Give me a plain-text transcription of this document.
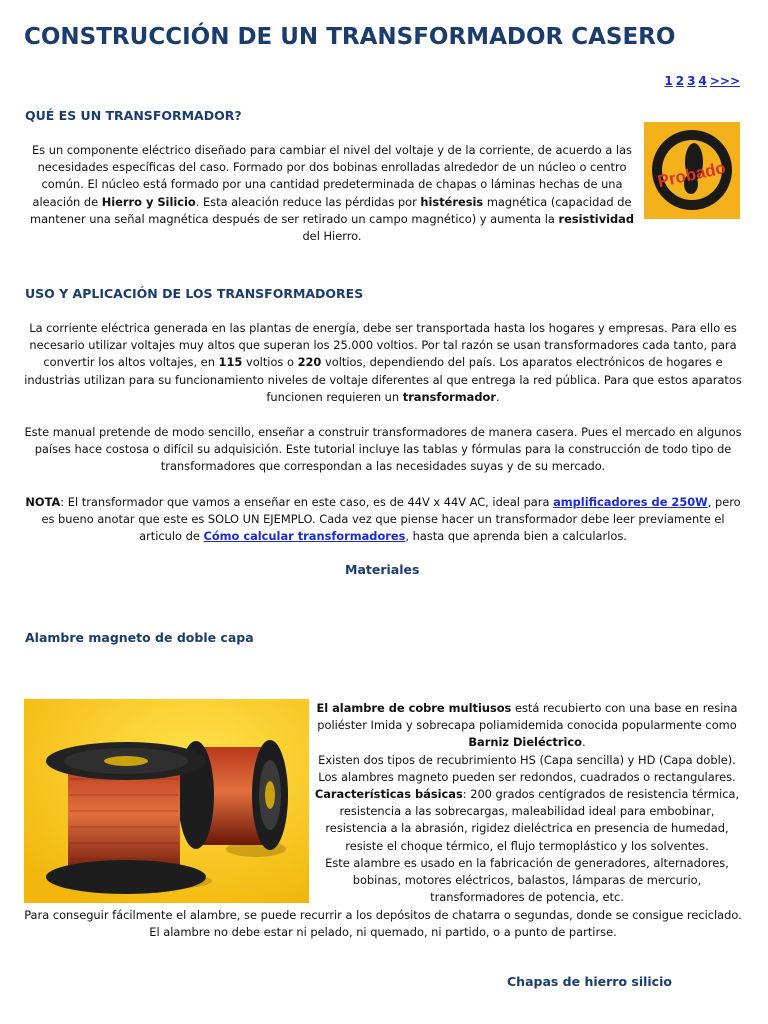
CONSTRUCCIÓN DE UN TRANSFORMADOR CASERO
1 2 3 4 >>>
QUÉ ES UN TRANSFORMADOR?

Es un componente eléctrico diseñado para cambiar el nivel del voltaje y de la corriente, de acuerdo a las necesidades específicas del caso. Formado por dos bobinas enrolladas alrededor de un núcleo o centro común. El núcleo está formado por una cantidad predeterminada de chapas o láminas hechas de una aleación de Hierro y Silicio. Esta aleación reduce las pérdidas por histéresis magnética (capacidad de mantener una señal magnética después de ser retirado un campo magnético) y aumenta la resistividad del Hierro.

Probado
USO Y APLICACIÓN DE LOS TRANSFORMADORES

La corriente eléctrica generada en las plantas de energía, debe ser transportada hasta los hogares y empresas. Para ello es necesario utilizar voltajes muy altos que superan los 25.000 voltios. Por tal razón se usan transformadores cada tanto, para convertir los altos voltajes, en 115 voltios o 220 voltios, dependiendo del país. Los aparatos electrónicos de hogares e industrias utilizan para su funcionamiento niveles de voltaje diferentes al que entrega la red pública. Para que estos aparatos funcionen requieren un transformador.

Este manual pretende de modo sencillo, enseñar a construir transformadores de manera casera. Pues el mercado en algunos países hace costosa o difícil su adquisición. Este tutorial incluye las tablas y fórmulas para la construcción de todo tipo de transformadores que correspondan a las necesidades suyas y de su mercado.

NOTA: El transformador que vamos a enseñar en este caso, es de 44V x 44V AC, ideal para amplificadores de 250W, pero es bueno anotar que este es SOLO UN EJEMPLO. Cada vez que piense hacer un transformador debe leer previamente el articulo de Cómo calcular transformadores, hasta que aprenda bien a calcularlos.

Materiales
Alambre magneto de doble capa

El alambre de cobre multiusos está recubierto con una base en resina poliéster Imida y sobrecapa poliamidemida conocida popularmente como Barniz Dieléctrico.

Existen dos tipos de recubrimiento HS (Capa sencilla) y HD (Capa doble). Los alambres magneto pueden ser redondos, cuadrados o rectangulares.

Características básicas: 200 grados centígrados de resistencia térmica, resistencia a las sobrecargas, maleabilidad ideal para embobinar, resistencia a la abrasión, rigidez dieléctrica en presencia de humedad, resiste el choque térmico, el flujo termoplástico y los solventes.

Este alambre es usado en la fabricación de generadores, alternadores, bobinas, motores eléctricos, balastos, lámparas de mercurio, transformadores de potencia, etc.

Para conseguir fácilmente el alambre, se puede recurrir a los depósitos de chatarra o segundas, donde se consigue reciclado. El alambre no debe estar ni pelado, ni quemado, ni partido, o a punto de partirse.

Chapas de hierro silicio
